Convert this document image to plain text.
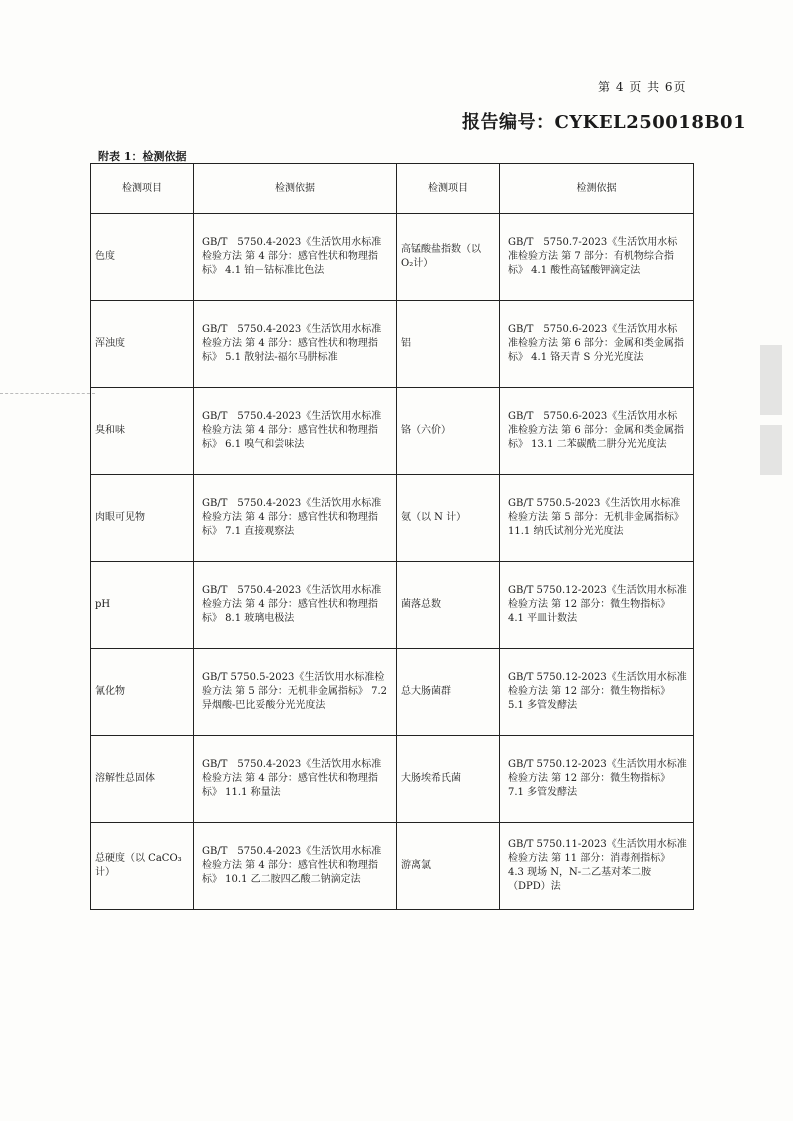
第 4 页 共 6页
报告编号：CYKEL250018B01
附表 1：检测依据
检测项目	检测依据	检测项目	检测依据
色度	GB/T　5750.4-2023《生活饮用水标准检验方法 第 4 部分：感官性状和物理指标》 4.1 铂－钴标准比色法	高锰酸盐指数（以O₂计）	GB/T　5750.7-2023《生活饮用水标准检验方法 第 7 部分：有机物综合指标》 4.1 酸性高锰酸钾滴定法
浑浊度	GB/T　5750.4-2023《生活饮用水标准检验方法 第 4 部分：感官性状和物理指标》 5.1 散射法-福尔马肼标准	铝	GB/T　5750.6-2023《生活饮用水标准检验方法 第 6 部分：金属和类金属指标》 4.1 铬天青 S 分光光度法
臭和味	GB/T　5750.4-2023《生活饮用水标准检验方法 第 4 部分：感官性状和物理指标》 6.1 嗅气和尝味法	铬（六价）	GB/T　5750.6-2023《生活饮用水标准检验方法 第 6 部分：金属和类金属指标》 13.1 二苯碳酰二肼分光光度法
肉眼可见物	GB/T　5750.4-2023《生活饮用水标准检验方法 第 4 部分：感官性状和物理指标》 7.1 直接观察法	氨（以 N 计）	GB/T 5750.5-2023《生活饮用水标准检验方法 第 5 部分：无机非金属指标》 11.1 纳氏试剂分光光度法
pH	GB/T　5750.4-2023《生活饮用水标准检验方法 第 4 部分：感官性状和物理指标》 8.1 玻璃电极法	菌落总数	GB/T 5750.12-2023《生活饮用水标准检验方法 第 12 部分：微生物指标》 4.1 平皿计数法
氰化物	GB/T 5750.5-2023《生活饮用水标准检验方法 第 5 部分：无机非金属指标》 7.2 异烟酸-巴比妥酸分光光度法	总大肠菌群	GB/T 5750.12-2023《生活饮用水标准检验方法 第 12 部分：微生物指标》 5.1 多管发酵法
溶解性总固体	GB/T　5750.4-2023《生活饮用水标准检验方法 第 4 部分：感官性状和物理指标》 11.1 称量法	大肠埃希氏菌	GB/T 5750.12-2023《生活饮用水标准检验方法 第 12 部分：微生物指标》 7.1 多管发酵法
总硬度（以 CaCO₃计）	GB/T　5750.4-2023《生活饮用水标准检验方法 第 4 部分：感官性状和物理指标》 10.1 乙二胺四乙酸二钠滴定法	游离氯	GB/T 5750.11-2023《生活饮用水标准检验方法 第 11 部分：消毒剂指标》 4.3 现场 N，N-二乙基对苯二胺（DPD）法
